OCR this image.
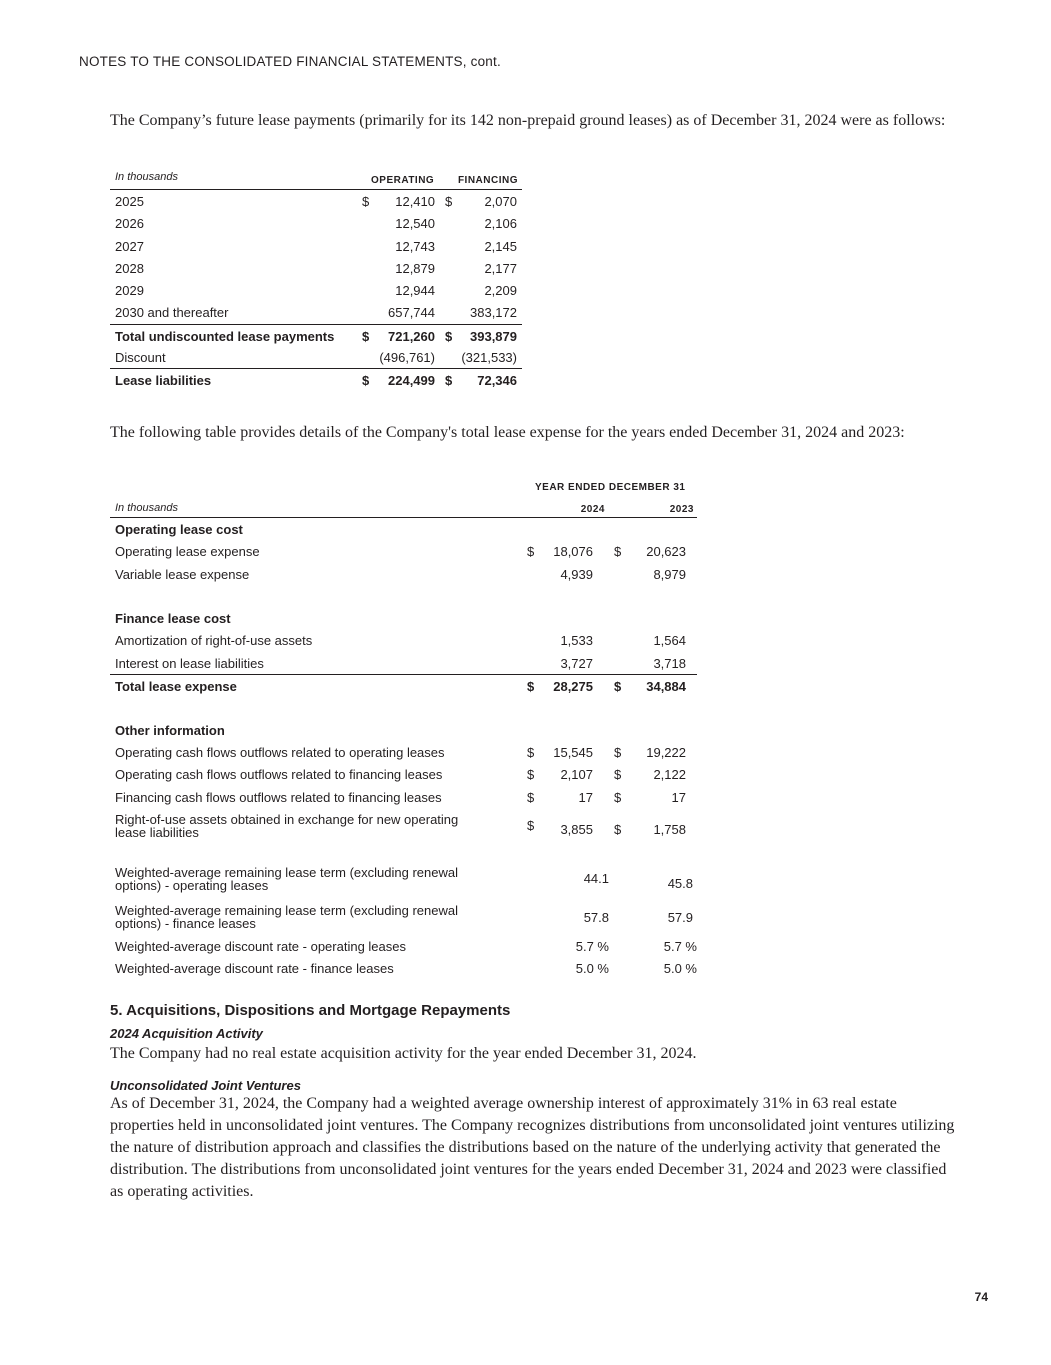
NOTES TO THE CONSOLIDATED FINANCIAL STATEMENTS, cont.

The Company’s future lease payments (primarily for its 142 non-prepaid ground leases) as of December 31, 2024 were as follows:

In thousands	OPERATING FINANCING
2025	$ 12,410 $ 2,070
2026	12,540	2,106
2027	12,743	2,145
2028	12,879	2,177
2029	12,944	2,209
2030 and thereafter	657,744	383,172
Total undiscounted lease payments $ 721,260 $ 393,879
Discount	(496,761) (321,533)
Lease liabilities	$ 224,499 $ 72,346

The following table provides details of the Company's total lease expense for the years ended December 31, 2024 and 2023:

YEAR ENDED DECEMBER 31
In thousands	2024	2023
Operating lease cost
Operating lease expense	$ 18,076 $ 20,623
Variable lease expense	4,939	8,979
Finance lease cost
Amortization of right-of-use assets	1,533	1,564
Interest on lease liabilities	3,727	3,718
Total lease expense	$ 28,275 $ 34,884
Other information
Operating cash flows outflows related to operating leases	$ 15,545 $ 19,222
Operating cash flows outflows related to financing leases	$ 2,107 $ 2,122
Financing cash flows outflows related to financing leases	$	17 $	17
Right-of-use assets obtained in exchange for new operating
lease liabilities	$ 3,855 $ 1,758
Weighted-average remaining lease term (excluding renewal
options) - operating leases	44.1	45.8
Weighted-average remaining lease term (excluding renewal
options) - finance leases	57.8	57.9
Weighted-average discount rate - operating leases	5.7 %	5.7 %
Weighted-average discount rate - finance leases	5.0 %	5.0 %
5. Acquisitions, Dispositions and Mortgage Repayments
2024 Acquisition Activity

The Company had no real estate acquisition activity for the year ended December 31, 2024.

Unconsolidated Joint Ventures

As of December 31, 2024, the Company had a weighted average ownership interest of approximately 31% in 63 real estate properties held in unconsolidated joint ventures. The Company recognizes distributions from unconsolidated joint ventures utilizing the nature of distribution approach and classifies the distributions based on the nature of the underlying activity that generated the distribution. The distributions from unconsolidated joint ventures for the years ended December 31, 2024 and 2023 were classified as operating activities.

74
